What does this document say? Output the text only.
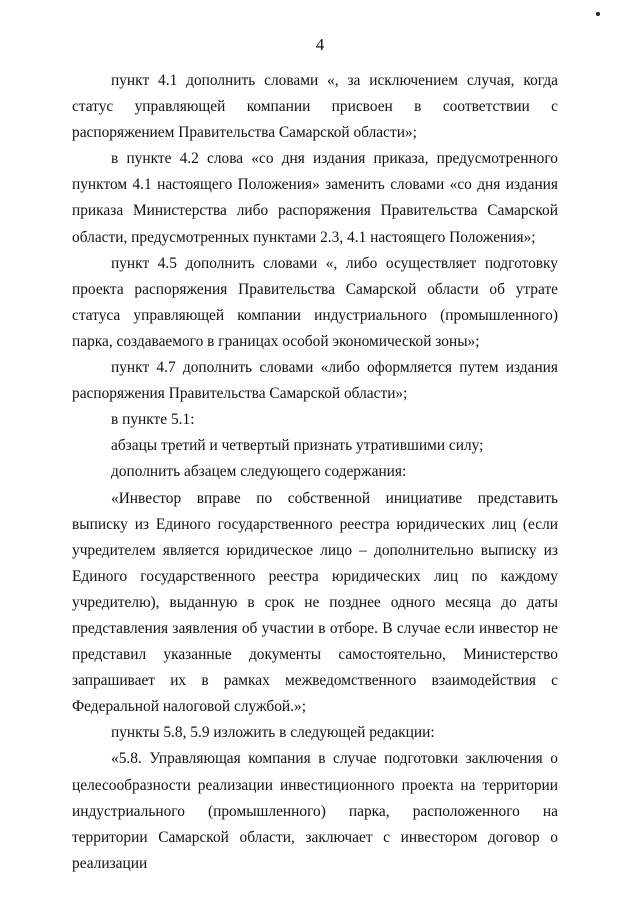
4

пункт 4.1 дополнить словами «, за исключением случая, когда статус управляющей компании присвоен в соответствии с распоряжением Правительства Самарской области»;

в пункте 4.2 слова «со дня издания приказа, предусмотренного пунктом 4.1 настоящего Положения» заменить словами «со дня издания приказа Министерства либо распоряжения Правительства Самарской области, предусмотренных пунктами 2.3, 4.1 настоящего Положения»;

пункт 4.5 дополнить словами «, либо осуществляет подготовку проекта распоряжения Правительства Самарской области об утрате статуса управляющей компании индустриального (промышленного) парка, создаваемого в границах особой экономической зоны»;

пункт 4.7 дополнить словами «либо оформляется путем издания распоряжения Правительства Самарской области»;

в пункте 5.1:

абзацы третий и четвертый признать утратившими силу;

дополнить абзацем следующего содержания:

«Инвестор вправе по собственной инициативе представить выписку из Единого государственного реестра юридических лиц (если учредителем является юридическое лицо – дополнительно выписку из Единого государственного реестра юридических лиц по каждому учредителю), выданную в срок не позднее одного месяца до даты представления заявления об участии в отборе. В случае если инвестор не представил указанные документы самостоятельно, Министерство запрашивает их в рамках межведомственного взаимодействия с Федеральной налоговой службой.»;

пункты 5.8, 5.9 изложить в следующей редакции:

«5.8. Управляющая компания в случае подготовки заключения о целесообразности реализации инвестиционного проекта на территории индустриального (промышленного) парка, расположенного на территории Самарской области, заключает с инвестором договор о реализации
